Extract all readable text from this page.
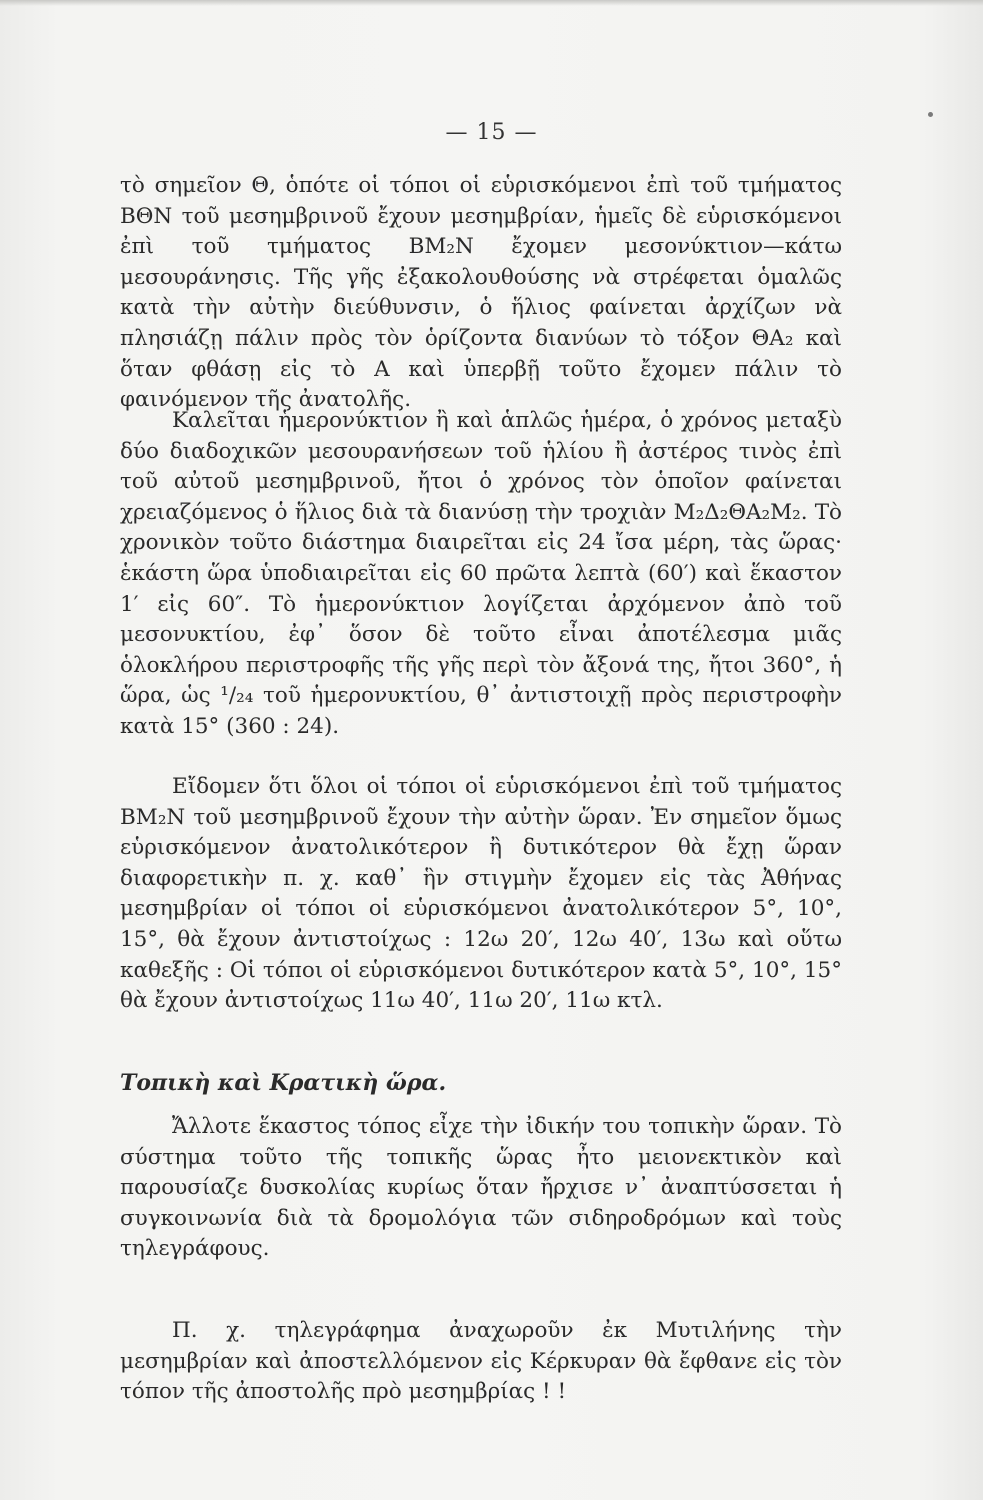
— 15 —

τὸ σημεῖον Θ, ὁπότε οἱ τόποι οἱ εὑρισκόμενοι ἐπὶ τοῦ τμήματος ΒΘΝ τοῦ μεσημβρινοῦ ἔχουν μεσημβρίαν, ἡμεῖς δὲ εὑρισκόμενοι ἐπὶ τοῦ τμήματος ΒΜ₂Ν ἔχομεν μεσονύκτιον—κάτω μεσουράνησις. Τῆς γῆς ἐξακολουθούσης νὰ στρέφεται ὁμαλῶς κατὰ τὴν αὐτὴν διεύθυνσιν, ὁ ἥλιος φαίνεται ἀρχίζων νὰ πλησιάζῃ πάλιν πρὸς τὸν ὁρίζοντα διανύων τὸ τόξον ΘΑ₂ καὶ ὅταν φθάσῃ εἰς τὸ Α καὶ ὑπερβῇ τοῦτο ἔχομεν πάλιν τὸ φαινόμενον τῆς ἀνατολῆς.

Καλεῖται ἡμερονύκτιον ἢ καὶ ἁπλῶς ἡμέρα, ὁ χρόνος μεταξὺ δύο διαδοχικῶν μεσουρανήσεων τοῦ ἡλίου ἢ ἀστέρος τινὸς ἐπὶ τοῦ αὐτοῦ μεσημβρινοῦ, ἤτοι ὁ χρόνος τὸν ὁποῖον φαίνεται χρειαζόμενος ὁ ἥλιος διὰ τὰ διανύσῃ τὴν τροχιὰν Μ₂Δ₂ΘΑ₂Μ₂. Τὸ χρονικὸν τοῦτο διάστημα διαιρεῖται εἰς 24 ἴσα μέρη, τὰς ὥρας· ἑκάστη ὥρα ὑποδιαιρεῖται εἰς 60 πρῶτα λεπτὰ (60′) καὶ ἕκαστον 1′ εἰς 60″. Τὸ ἡμερονύκτιον λογίζεται ἀρχόμενον ἀπὸ τοῦ μεσονυκτίου, ἐφ᾿ ὅσον δὲ τοῦτο εἶναι ἀποτέλεσμα μιᾶς ὁλοκλήρου περιστροφῆς τῆς γῆς περὶ τὸν ἄξονά της, ἤτοι 360°, ἡ ὥρα, ὡς ¹/₂₄ τοῦ ἡμερονυκτίου, θ᾿ ἀντιστοιχῇ πρὸς περιστροφὴν κατὰ 15° (360 : 24).

Εἴδομεν ὅτι ὅλοι οἱ τόποι οἱ εὑρισκόμενοι ἐπὶ τοῦ τμήματος ΒΜ₂Ν τοῦ μεσημβρινοῦ ἔχουν τὴν αὐτὴν ὥραν. Ἐν σημεῖον ὅμως εὑρισκόμενον ἀνατολικότερον ἢ δυτικότερον θὰ ἔχῃ ὥραν διαφορετικὴν π. χ. καθ᾿ ἣν στιγμὴν ἔχομεν εἰς τὰς Ἀθήνας μεσημβρίαν οἱ τόποι οἱ εὑρισκόμενοι ἀνατολικότερον 5°, 10°, 15°, θὰ ἔχουν ἀντιστοίχως : 12ω 20′, 12ω 40′, 13ω καὶ οὕτω καθεξῆς : Οἱ τόποι οἱ εὑρισκόμενοι δυτικότερον κατὰ 5°, 10°, 15° θὰ ἔχουν ἀντιστοίχως 11ω 40′, 11ω 20′, 11ω κτλ.

Τοπικὴ καὶ Κρατικὴ ὥρα.

Ἄλλοτε ἕκαστος τόπος εἶχε τὴν ἰδικήν του τοπικὴν ὥραν. Τὸ σύστημα τοῦτο τῆς τοπικῆς ὥρας ἦτο μειονεκτικὸν καὶ παρουσίαζε δυσκολίας κυρίως ὅταν ἤρχισε ν᾿ ἀναπτύσσεται ἡ συγκοινωνία διὰ τὰ δρομολόγια τῶν σιδηροδρόμων καὶ τοὺς τηλεγράφους.

Π. χ. τηλεγράφημα ἀναχωροῦν ἐκ Μυτιλήνης τὴν μεσημβρίαν καὶ ἀποστελλόμενον εἰς Κέρκυραν θὰ ἔφθανε εἰς τὸν τόπον τῆς ἀποστολῆς πρὸ μεσημβρίας ! !
